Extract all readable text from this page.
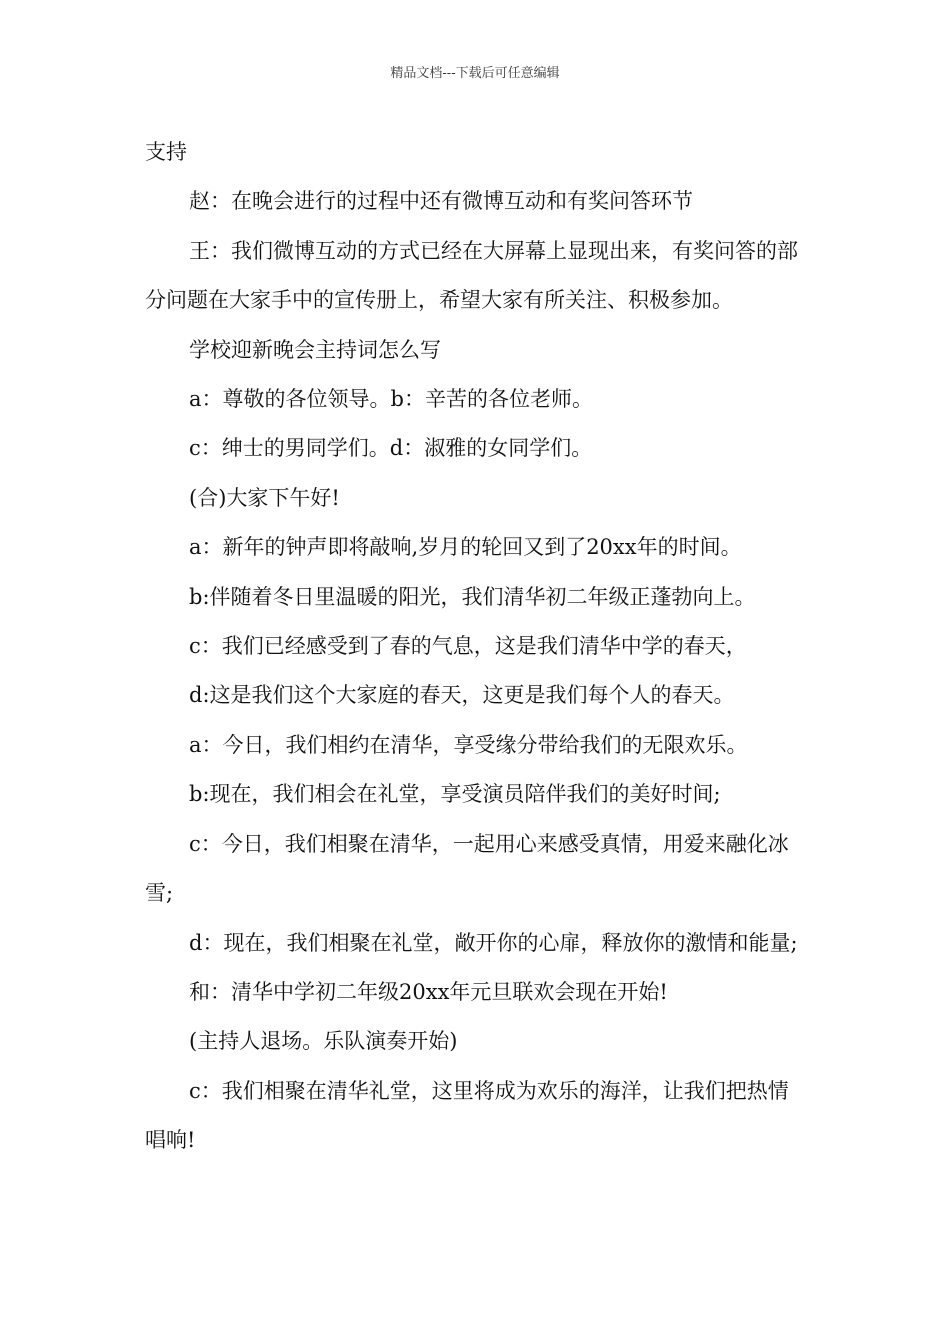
精品文档---下载后可任意编辑

支持

赵：在晚会进行的过程中还有微博互动和有奖问答环节

王：我们微博互动的方式已经在大屏幕上显现出来，有奖问答的部分问题在大家手中的宣传册上，希望大家有所关注、积极参加。

学校迎新晚会主持词怎么写

a：尊敬的各位领导。b：辛苦的各位老师。

c：绅士的男同学们。d：淑雅的女同学们。

(合)大家下午好!

a：新年的钟声即将敲响,岁月的轮回又到了20xx年的时间。

b:伴随着冬日里温暖的阳光，我们清华初二年级正蓬勃向上。

c：我们已经感受到了春的气息，这是我们清华中学的春天，

d:这是我们这个大家庭的春天，这更是我们每个人的春天。

a：今日，我们相约在清华，享受缘分带给我们的无限欢乐。

b:现在，我们相会在礼堂，享受演员陪伴我们的美好时间;

c：今日，我们相聚在清华，一起用心来感受真情，用爱来融化冰雪;

d：现在，我们相聚在礼堂，敞开你的心扉，释放你的激情和能量;

和：清华中学初二年级20xx年元旦联欢会现在开始!

(主持人退场。乐队演奏开始)

c：我们相聚在清华礼堂，这里将成为欢乐的海洋，让我们把热情唱响!
